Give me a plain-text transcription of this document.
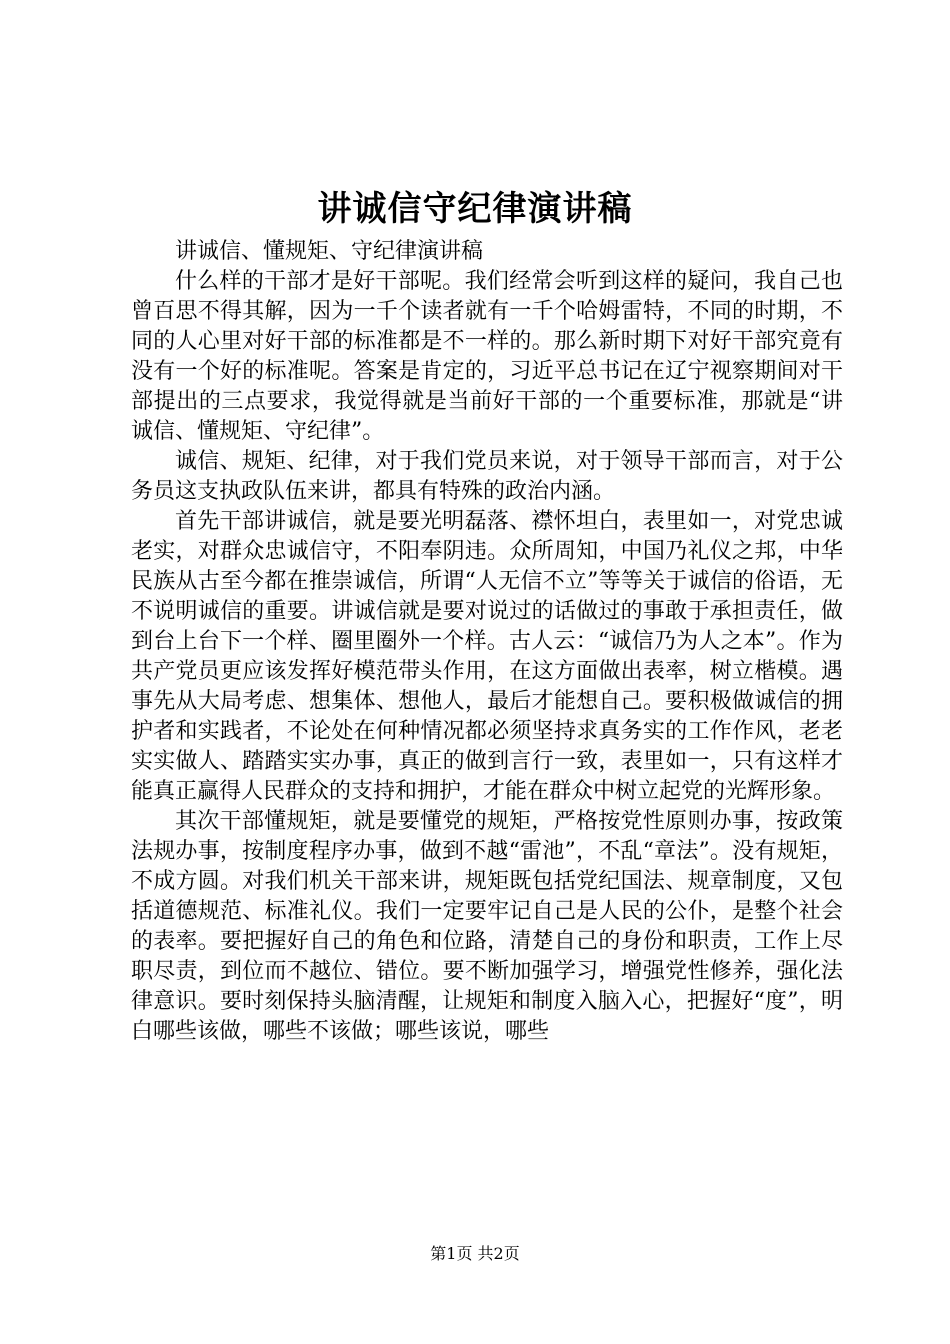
讲诚信守纪律演讲稿

讲诚信、懂规矩、守纪律演讲稿

什么样的干部才是好干部呢。我们经常会听到这样的疑问，我自己也曾百思不得其解，因为一千个读者就有一千个哈姆雷特，不同的时期，不同的人心里对好干部的标准都是不一样的。那么新时期下对好干部究竟有没有一个好的标准呢。答案是肯定的，习近平总书记在辽宁视察期间对干部提出的三点要求，我觉得就是当前好干部的一个重要标准，那就是“讲诚信、懂规矩、守纪律”。

诚信、规矩、纪律，对于我们党员来说，对于领导干部而言，对于公务员这支执政队伍来讲，都具有特殊的政治内涵。

首先干部讲诚信，就是要光明磊落、襟怀坦白，表里如一，对党忠诚老实，对群众忠诚信守，不阳奉阴违。众所周知，中国乃礼仪之邦，中华民族从古至今都在推崇诚信，所谓“人无信不立”等等关于诚信的俗语，无不说明诚信的重要。讲诚信就是要对说过的话做过的事敢于承担责任，做到台上台下一个样、圈里圈外一个样。古人云：“诚信乃为人之本”。作为共产党员更应该发挥好模范带头作用，在这方面做出表率，树立楷模。遇事先从大局考虑、想集体、想他人，最后才能想自己。要积极做诚信的拥护者和实践者，不论处在何种情况都必须坚持求真务实的工作作风，老老实实做人、踏踏实实办事，真正的做到言行一致，表里如一，只有这样才能真正赢得人民群众的支持和拥护，才能在群众中树立起党的光辉形象。

其次干部懂规矩，就是要懂党的规矩，严格按党性原则办事，按政策法规办事，按制度程序办事，做到不越“雷池”，不乱“章法”。没有规矩，不成方圆。对我们机关干部来讲，规矩既包括党纪国法、规章制度，又包括道德规范、标准礼仪。我们一定要牢记自己是人民的公仆，是整个社会的表率。要把握好自己的角色和位路，清楚自己的身份和职责，工作上尽职尽责，到位而不越位、错位。要不断加强学习，增强党性修养，强化法律意识。要时刻保持头脑清醒，让规矩和制度入脑入心，把握好“度”，明白哪些该做，哪些不该做；哪些该说，哪些

第1页 共2页
